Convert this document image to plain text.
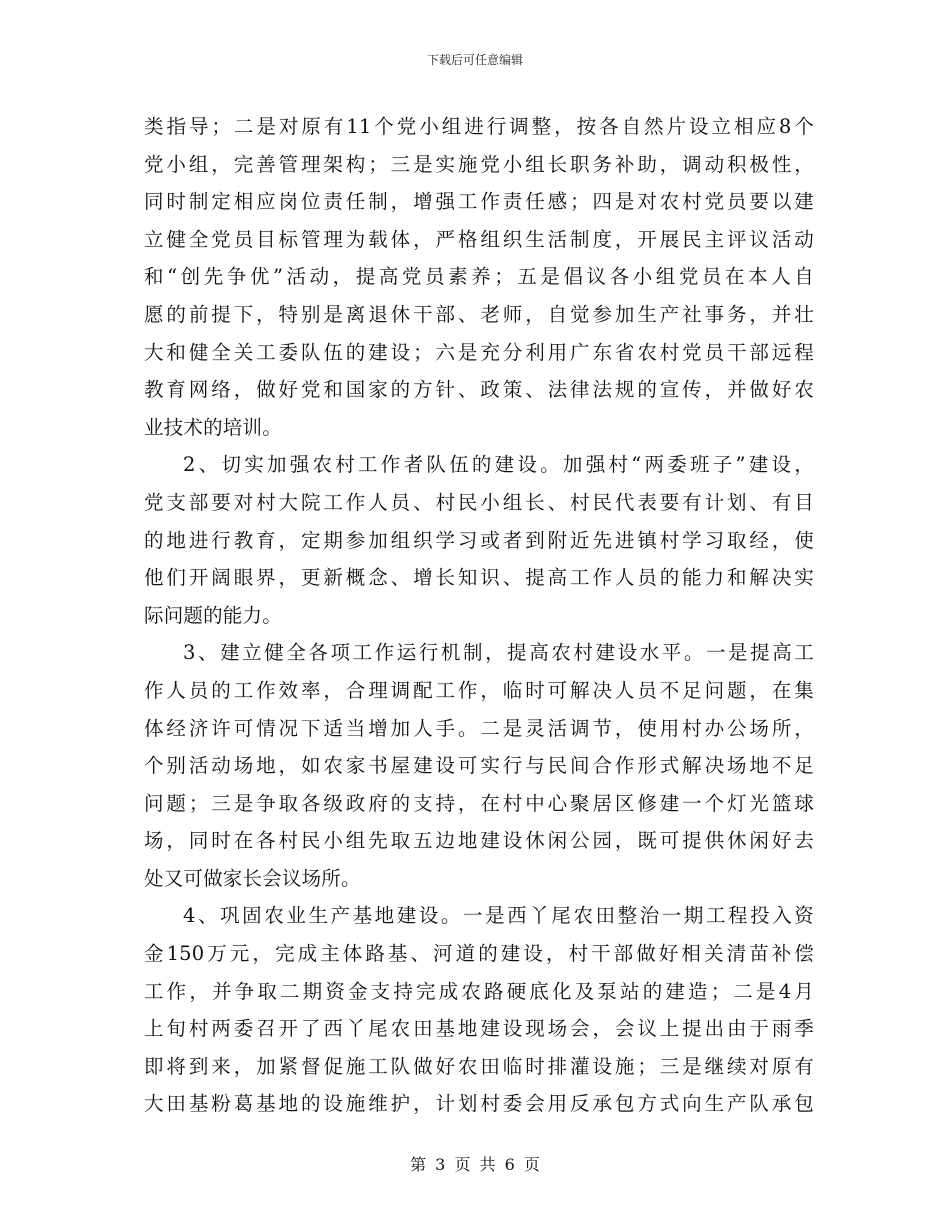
下载后可任意编辑
类指导；二是对原有11个党小组进行调整，按各自然片设立相应8个
党小组，完善管理架构；三是实施党小组长职务补助，调动积极性，
同时制定相应岗位责任制，增强工作责任感；四是对农村党员要以建
立健全党员目标管理为载体，严格组织生活制度，开展民主评议活动
和“创先争优”活动，提高党员素养；五是倡议各小组党员在本人自
愿的前提下，特别是离退休干部、老师，自觉参加生产社事务，并壮
大和健全关工委队伍的建设；六是充分利用广东省农村党员干部远程
教育网络，做好党和国家的方针、政策、法律法规的宣传，并做好农
业技术的培训。
2、切实加强农村工作者队伍的建设。加强村“两委班子”建设，
党支部要对村大院工作人员、村民小组长、村民代表要有计划、有目
的地进行教育，定期参加组织学习或者到附近先进镇村学习取经，使
他们开阔眼界，更新概念、增长知识、提高工作人员的能力和解决实
际问题的能力。
3、建立健全各项工作运行机制，提高农村建设水平。一是提高工
作人员的工作效率，合理调配工作，临时可解决人员不足问题，在集
体经济许可情况下适当增加人手。二是灵活调节，使用村办公场所，
个别活动场地，如农家书屋建设可实行与民间合作形式解决场地不足
问题；三是争取各级政府的支持，在村中心聚居区修建一个灯光篮球
场，同时在各村民小组先取五边地建设休闲公园，既可提供休闲好去
处又可做家长会议场所。
4、巩固农业生产基地建设。一是西丫尾农田整治一期工程投入资
金150万元，完成主体路基、河道的建设，村干部做好相关清苗补偿
工作，并争取二期资金支持完成农路硬底化及泵站的建造；二是4月
上旬村两委召开了西丫尾农田基地建设现场会，会议上提出由于雨季
即将到来，加紧督促施工队做好农田临时排灌设施；三是继续对原有
大田基粉葛基地的设施维护，计划村委会用反承包方式向生产队承包
第 3 页 共 6 页
